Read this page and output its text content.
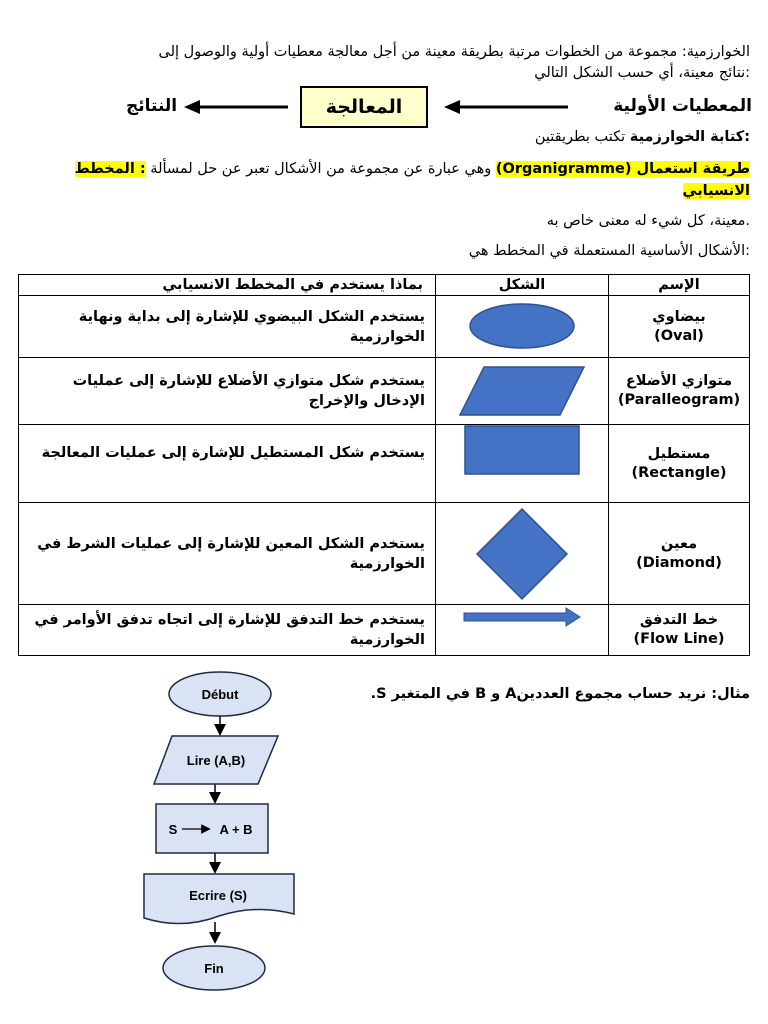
الخوارزمية: مجموعة من الخطوات مرتبة بطريقة معينة من أجل معالجة معطيات أولية والوصول إلى
:نتائج معينة، أي حسب الشكل التالي
المعطيات الأولية
المعالجة
النتائج
:كتابة الخوارزمية تكتب بطريقتين
طريقة استعمال (Organigramme) وهي عبارة عن مجموعة من الأشكال تعبر عن حل لمسألة : المخطط الانسيابي
.معينة، كل شيء له معنى خاص به
:الأشكال الأساسية المستعملة في المخطط هي
بماذا يستخدم في المخطط الانسيابي	الشكل	الإسم
يستخدم الشكل البيضوي للإشارة إلى بداية ونهاية الخوارزمية		بيضاوي
(Oval)

يستخدم شكل متوازي الأضلاع للإشارة إلى عمليات الإدخال والإخراج		متوازي الأضلاع
(Paralleogram)

يستخدم شكل المستطيل للإشارة إلى عمليات المعالجة		مستطيل
(Rectangle)

يستخدم الشكل المعين للإشارة إلى عمليات الشرط في الخوارزمية		معين
(Diamond)

يستخدم خط التدفق للإشارة إلى اتجاه تدفق الأوامر في الخوارزمية		خط التدفق
(Flow Line)
مثال: نريد حساب مجموع العددينA و B في المتغير S.
Début
Lire (A,B)
S	A + B
Ecrire (S)
Fin
